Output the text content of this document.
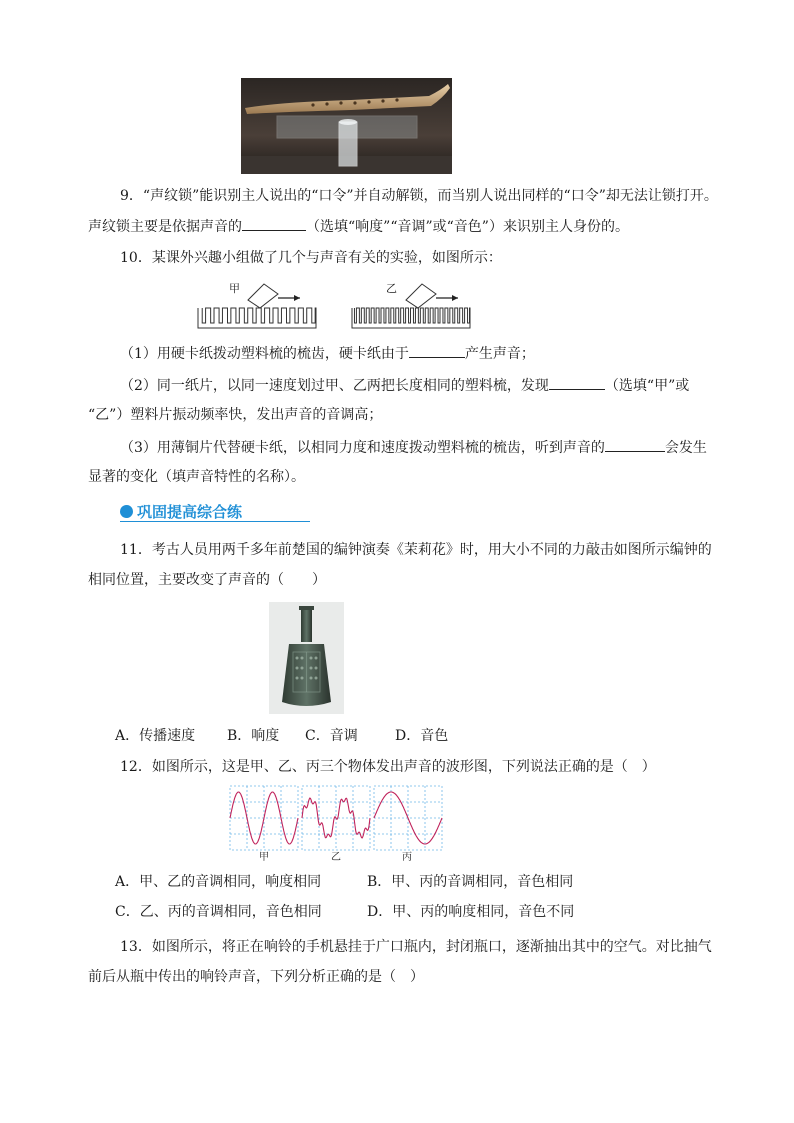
9．“声纹锁”能识别主人说出的“口令”并自动解锁，而当别人说出同样的“口令”却无法让锁打开。
声纹锁主要是依据声音的	（选填“响度”“音调”或“音色”）来识别主人身份的。
10．某课外兴趣小组做了几个与声音有关的实验，如图所示：
甲	乙
（1）用硬卡纸拨动塑料梳的梳齿，硬卡纸由于	产生声音；
（2）同一纸片，以同一速度划过甲、乙两把长度相同的塑料梳，发现	（选填“甲”或
“乙”）塑料片振动频率快，发出声音的音调高；
（3）用薄铜片代替硬卡纸，以相同力度和速度拨动塑料梳的梳齿，听到声音的	会发生
显著的变化（填声音特性的名称）。
巩固提高综合练
11．考古人员用两千多年前楚国的编钟演奏《茉莉花》时，用大小不同的力敲击如图所示编钟的
相同位置，主要改变了声音的（　　）
A．传播速度 B．响度 C．音调	D．音色
12．如图所示，这是甲、乙、丙三个物体发出声音的波形图，下列说法正确的是（　）
甲	乙	丙
A．甲、乙的音调相同，响度相同	B．甲、丙的音调相同，音色相同
C．乙、丙的音调相同，音色相同	D．甲、丙的响度相同，音色不同
13．如图所示，将正在响铃的手机悬挂于广口瓶内，封闭瓶口，逐渐抽出其中的空气。对比抽气
前后从瓶中传出的响铃声音，下列分析正确的是（　）
